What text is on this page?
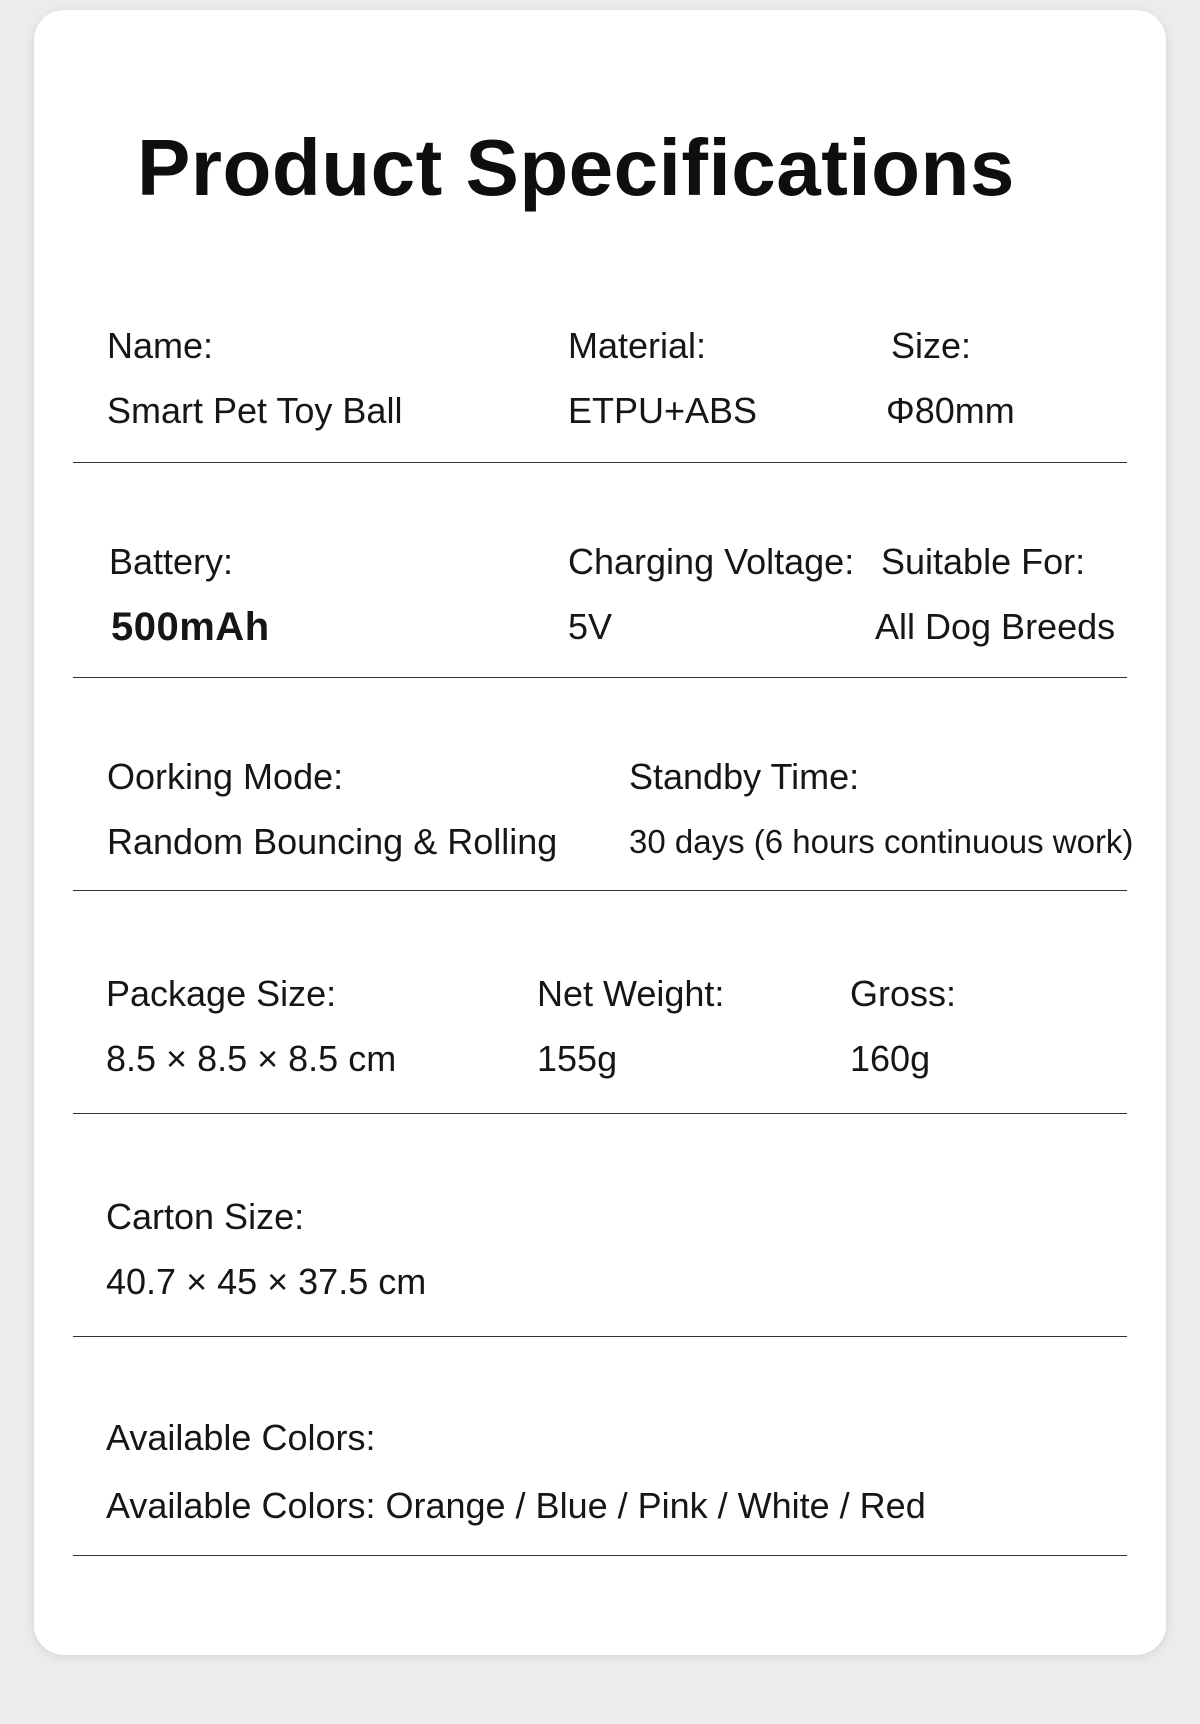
Product Specifications
Name:
Smart Pet Toy Ball
Material:
ETPU+ABS
Size:
Φ80mm
Battery:
500mAh
Charging Voltage:
5V
Suitable For:
All Dog Breeds
Oorking Mode:
Random Bouncing & Rolling
Standby Time:
30 days (6 hours continuous work)
Package Size:
8.5 × 8.5 × 8.5 cm
Net Weight:
155g
Gross:
160g
Carton Size:
40.7 × 45 × 37.5 cm
Available Colors:
Available Colors: Orange / Blue / Pink / White / Red
